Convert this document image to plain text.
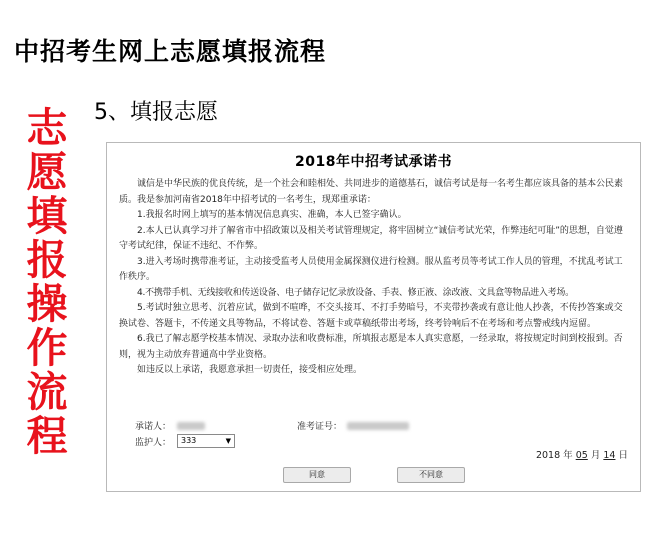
中招考生网上志愿填报流程
5、填报志愿
志
愿
填
报
操
作
流
程
2018年中招考试承诺书

诚信是中华民族的优良传统，是一个社会和睦相处、共同进步的道德基石，诚信考试是每一名考生都应该具备的基本公民素质。我是参加河南省2018年中招考试的一名考生，现郑重承诺：

1.我报名时网上填写的基本情况信息真实、准确，本人已签字确认。

2.本人已认真学习并了解省市中招政策以及相关考试管理规定，将牢固树立“诚信考试光荣，作弊违纪可耻”的思想，自觉遵守考试纪律，保证不违纪、不作弊。

3.进入考场时携带准考证，主动接受监考人员使用金属探测仪进行检测。服从监考员等考试工作人员的管理，不扰乱考试工作秩序。

4.不携带手机、无线接收和传送设备、电子储存记忆录放设备、手表、修正液、涂改液、文具盒等物品进入考场。

5.考试时独立思考、沉着应试，做到不喧哗，不交头接耳、不打手势暗号，不夹带抄袭或有意让他人抄袭，不传抄答案或交换试卷、答题卡，不传递文具等物品，不将试卷、答题卡或草稿纸带出考场，终考铃响后不在考场和考点警戒线内逗留。

6.我已了解志愿学校基本情况、录取办法和收费标准，所填报志愿是本人真实意愿，一经录取，将按规定时间到校报到。否则，视为主动放弃普通高中学业资格。

如违反以上承诺，我愿意承担一切责任，接受相应处理。

承诺人：	准考证号：
监护人：	333	▼
2018 年 05 月 14 日
同意	不同意
